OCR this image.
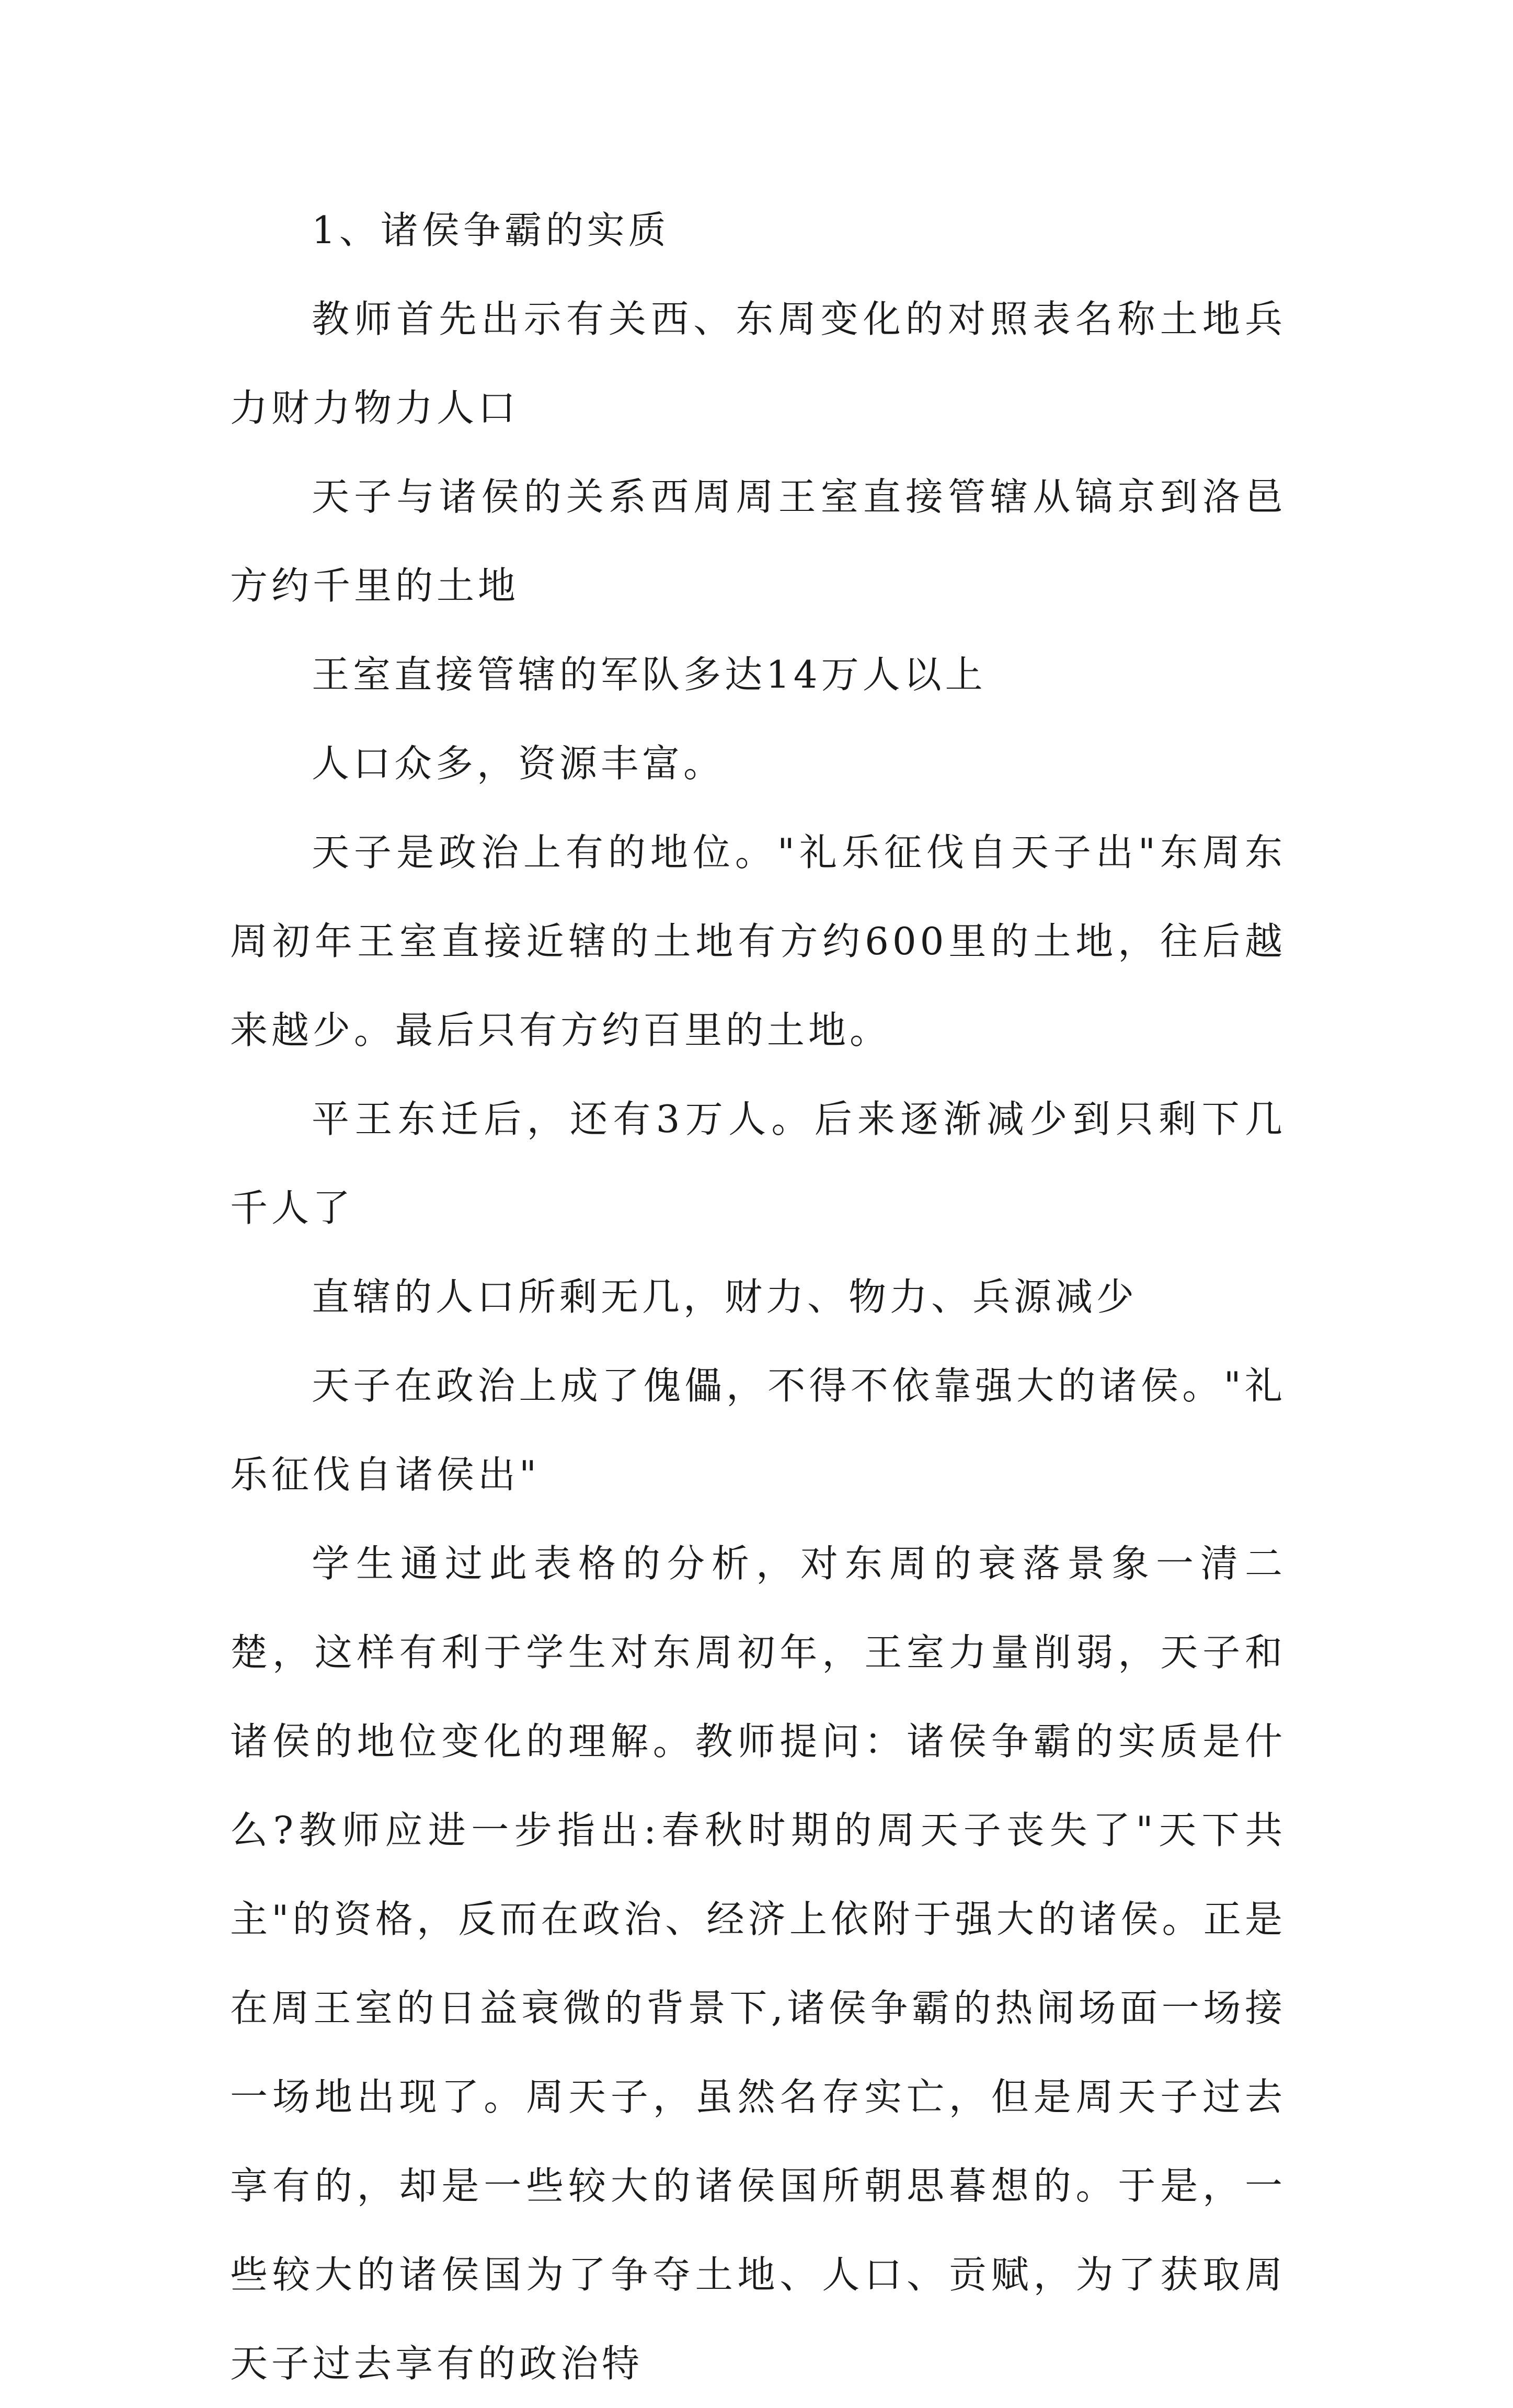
1、诸侯争霸的实质

教师首先出示有关西、东周变化的对照表名称土地兵力财力物力人口

天子与诸侯的关系西周周王室直接管辖从镐京到洛邑方约千里的土地

王室直接管辖的军队多达14万人以上

人口众多，资源丰富。

天子是政治上有的地位。"礼乐征伐自天子出"东周东周初年王室直接近辖的土地有方约600里的土地，往后越来越少。最后只有方约百里的土地。

平王东迁后，还有3万人。后来逐渐减少到只剩下几千人了

直辖的人口所剩无几，财力、物力、兵源减少

天子在政治上成了傀儡，不得不依靠强大的诸侯。"礼乐征伐自诸侯出"

学生通过此表格的分析，对东周的衰落景象一清二楚，这样有利于学生对东周初年，王室力量削弱，天子和诸侯的地位变化的理解。教师提问：诸侯争霸的实质是什么?教师应进一步指出:春秋时期的周天子丧失了"天下共主"的资格，反而在政治、经济上依附于强大的诸侯。正是在周王室的日益衰微的背景下,诸侯争霸的热闹场面一场接一场地出现了。周天子，虽然名存实亡，但是周天子过去享有的，却是一些较大的诸侯国所朝思暮想的。于是，一些较大的诸侯国为了争夺土地、人口、贡赋，为了获取周天子过去享有的政治特
